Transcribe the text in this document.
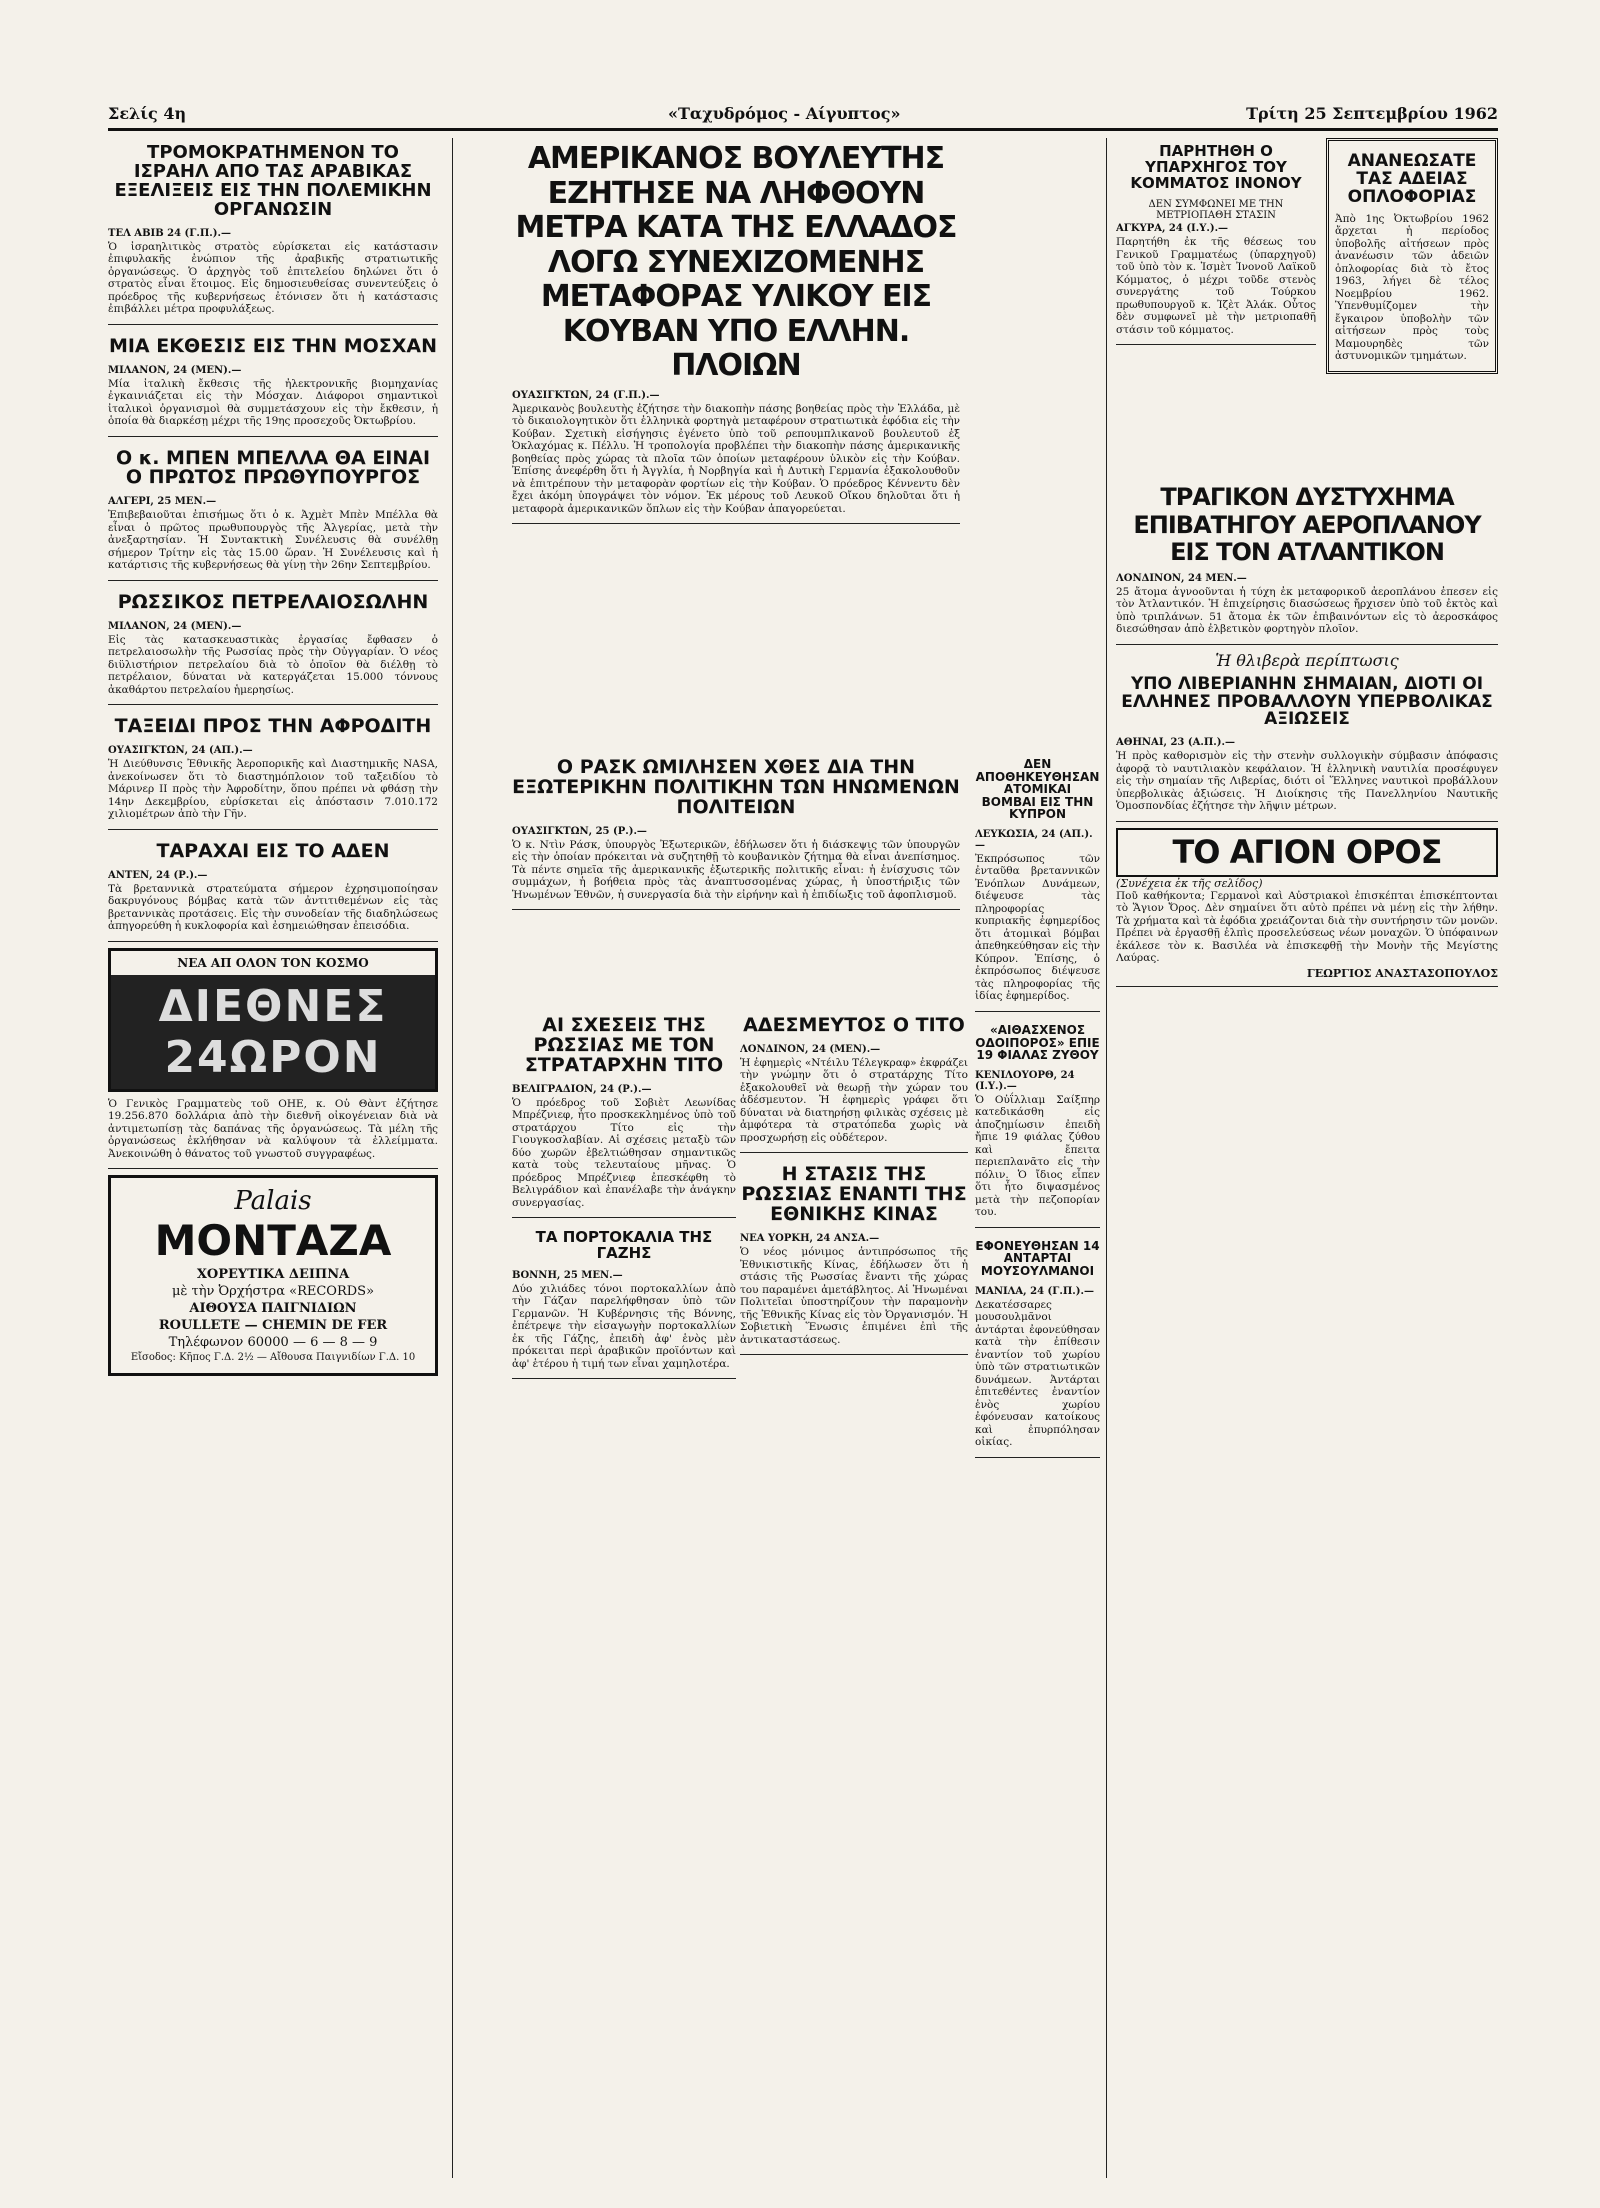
Σελίς 4η	«Ταχυδρόμος - Αίγυπτος»	Τρίτη 25 Σεπτεμβρίου 1962
ΤΡΟΜΟΚΡΑΤΗΜΕΝΟΝ ΤΟ ΙΣΡΑΗΛ ΑΠΟ ΤΑΣ ΑΡΑΒΙΚΑΣ ΕΞΕΛΙΞΕΙΣ ΕΙΣ ΤΗΝ ΠΟΛΕΜΙΚΗΝ ΟΡΓΑΝΩΣΙΝ
ΤΕΛ ΑΒΙΒ 24 (Γ.Π.).—

Ὁ ἰσραηλιτικὸς στρατὸς εὑρίσκεται εἰς κατάστασιν ἐπιφυλακῆς ἐνώπιον τῆς ἀραβικῆς στρατιωτικῆς ὀργανώσεως. Ὁ ἀρχηγὸς τοῦ ἐπιτελείου δηλώνει ὅτι ὁ στρατὸς εἶναι ἕτοιμος. Εἰς δημοσιευθείσας συνεντεύξεις ὁ πρόεδρος τῆς κυβερνήσεως ἐτόνισεν ὅτι ἡ κατάστασις ἐπιβάλλει μέτρα προφυλάξεως.

ΜΙΑ ΕΚΘΕΣΙΣ ΕΙΣ ΤΗΝ ΜΟΣΧΑΝ
ΜΙΛΑΝΟΝ, 24 (ΜΕΝ).—

Μία ἰταλικὴ ἔκθεσις τῆς ἠλεκτρονικῆς βιομηχανίας ἐγκαινιάζεται εἰς τὴν Μόσχαν. Διάφοροι σημαντικοὶ ἰταλικοὶ ὀργανισμοὶ θὰ συμμετάσχουν εἰς τὴν ἔκθεσιν, ἡ ὁποία θὰ διαρκέσῃ μέχρι τῆς 19ης προσεχοῦς Ὀκτωβρίου.

Ο κ. ΜΠΕΝ ΜΠΕΛΛΑ ΘΑ ΕΙΝΑΙ Ο ΠΡΩΤΟΣ ΠΡΩΘΥΠΟΥΡΓΟΣ
ΑΛΓΕΡΙ, 25 ΜΕΝ.—

Ἐπιβεβαιοῦται ἐπισήμως ὅτι ὁ κ. Ἀχμὲτ Μπὲν Μπέλλα θὰ εἶναι ὁ πρῶτος πρωθυπουργὸς τῆς Ἀλγερίας, μετὰ τὴν ἀνεξαρτησίαν. Ἡ Συντακτικὴ Συνέλευσις θὰ συνέλθῃ σήμερον Τρίτην εἰς τὰς 15.00 ὥραν. Ἡ Συνέλευσις καὶ ἡ κατάρτισις τῆς κυβερνήσεως θὰ γίνῃ τὴν 26ην Σεπτεμβρίου.

ΡΩΣΣΙΚΟΣ ΠΕΤΡΕΛΑΙΟΣΩΛΗΝ
ΜΙΛΑΝΟΝ, 24 (ΜΕΝ).—

Εἰς τὰς κατασκευαστικὰς ἐργασίας ἔφθασεν ὁ πετρελαιοσωλὴν τῆς Ρωσσίας πρὸς τὴν Οὐγγαρίαν. Ὁ νέος διϋλιστήριον πετρελαίου διὰ τὸ ὁποῖον θὰ διέλθῃ τὸ πετρέλαιον, δύναται νὰ κατεργάζεται 15.000 τόννους ἀκαθάρτου πετρελαίου ἡμερησίως.

ΤΑΞΕΙΔΙ ΠΡΟΣ ΤΗΝ ΑΦΡΟΔΙΤΗ
ΟΥΑΣΙΓΚΤΩΝ, 24 (ΑΠ.).—

Ἡ Διεύθυνσις Ἐθνικῆς Ἀεροπορικῆς καὶ Διαστημικῆς NASA, ἀνεκοίνωσεν ὅτι τὸ διαστημόπλοιον τοῦ ταξειδίου τὸ Μάρινερ II πρὸς τὴν Ἀφροδίτην, ὅπου πρέπει νὰ φθάσῃ τὴν 14ην Δεκεμβρίου, εὑρίσκεται εἰς ἀπόστασιν 7.010.172 χιλιομέτρων ἀπὸ τὴν Γῆν.

ΤΑΡΑΧΑΙ ΕΙΣ ΤΟ ΑΔΕΝ
ΑΝΤΕΝ, 24 (Ρ.).—

Τὰ βρεταννικὰ στρατεύματα σήμερον ἐχρησιμοποίησαν δακρυγόνους βόμβας κατὰ τῶν ἀντιτιθεμένων εἰς τὰς βρεταννικὰς προτάσεις. Εἰς τὴν συνοδείαν τῆς διαδηλώσεως ἀπηγορεύθη ἡ κυκλοφορία καὶ ἐσημειώθησαν ἐπεισόδια.

ΝΕΑ ΑΠ ΟΛΟΝ ΤΟΝ ΚΟΣΜΟ
ΔΙΕΘΝΕΣ 24ΩΡΟΝ

Ὁ Γενικὸς Γραμματεὺς τοῦ ΟΗΕ, κ. Οὐ Θὰντ ἐζήτησε 19.256.870 δολλάρια ἀπὸ τὴν διεθνῆ οἰκογένειαν διὰ νὰ ἀντιμετωπίσῃ τὰς δαπάνας τῆς ὀργανώσεως. Τὰ μέλη τῆς ὀργανώσεως ἐκλήθησαν νὰ καλύψουν τὰ ἐλλείμματα. Ἀνεκοινώθη ὁ θάνατος τοῦ γνωστοῦ συγγραφέως.

Palais ΜΟΝΤΑΖΑ
ΧΟΡΕΥΤΙΚΑ ΔΕΙΠΝΑ
μὲ τὴν Ὀρχήστρα «RECORDS»
ΑΙΘΟΥΣΑ ΠΑΙΓΝΙΔΙΩΝ
ROULLETE — CHEMIN DE FER
Τηλέφωνον 60000 — 6 — 8 — 9
Εἴσοδος: Κῆπος Γ.Δ. 2½ — Αἴθουσα Παιγνιδίων Γ.Δ. 10
ΑΜΕΡΙΚΑΝΟΣ ΒΟΥΛΕΥΤΗΣ ΕΖΗΤΗΣΕ ΝΑ ΛΗΦΘΟΥΝ ΜΕΤΡΑ ΚΑΤΑ ΤΗΣ ΕΛΛΑΔΟΣ ΛΟΓΩ ΣΥΝΕΧΙΖΟΜΕΝΗΣ ΜΕΤΑΦΟΡΑΣ ΥΛΙΚΟΥ ΕΙΣ ΚΟΥΒΑΝ ΥΠΟ ΕΛΛΗΝ. ΠΛΟΙΩΝ
ΟΥΑΣΙΓΚΤΩΝ, 24 (Γ.Π.).—

Ἀμερικανὸς βουλευτὴς ἐζήτησε τὴν διακοπὴν πάσης βοηθείας πρὸς τὴν Ἑλλάδα, μὲ τὸ δικαιολογητικὸν ὅτι ἑλληνικὰ φορτηγὰ μεταφέρουν στρατιωτικὰ ἐφόδια εἰς τὴν Κούβαν. Σχετικὴ εἰσήγησις ἐγένετο ὑπὸ τοῦ ρεπουμπλικανοῦ βουλευτοῦ ἐξ Ὀκλαχόμας κ. Πέλλυ. Ἡ τροπολογία προβλέπει τὴν διακοπὴν πάσης ἀμερικανικῆς βοηθείας πρὸς χώρας τὰ πλοῖα τῶν ὁποίων μεταφέρουν ὑλικὸν εἰς τὴν Κούβαν. Ἐπίσης ἀνεφέρθη ὅτι ἡ Ἀγγλία, ἡ Νορβηγία καὶ ἡ Δυτικὴ Γερμανία ἐξακολουθοῦν νὰ ἐπιτρέπουν τὴν μεταφορὰν φορτίων εἰς τὴν Κούβαν. Ὁ πρόεδρος Κέννεντυ δὲν ἔχει ἀκόμη ὑπογράψει τὸν νόμον. Ἐκ μέρους τοῦ Λευκοῦ Οἴκου δηλοῦται ὅτι ἡ μεταφορὰ ἀμερικανικῶν ὅπλων εἰς τὴν Κούβαν ἀπαγορεύεται.

Ο ΡΑΣΚ ΩΜΙΛΗΣΕΝ ΧΘΕΣ ΔΙΑ ΤΗΝ ΕΞΩΤΕΡΙΚΗΝ ΠΟΛΙΤΙΚΗΝ ΤΩΝ ΗΝΩΜΕΝΩΝ ΠΟΛΙΤΕΙΩΝ
ΟΥΑΣΙΓΚΤΩΝ, 25 (Ρ.).—

Ὁ κ. Ντὶν Ράσκ, ὑπουργὸς Ἐξωτερικῶν, ἐδήλωσεν ὅτι ἡ διάσκεψις τῶν ὑπουργῶν εἰς τὴν ὁποίαν πρόκειται νὰ συζητηθῇ τὸ κουβανικὸν ζήτημα θὰ εἶναι ἀνεπίσημος. Τὰ πέντε σημεῖα τῆς ἀμερικανικῆς ἐξωτερικῆς πολιτικῆς εἶναι: ἡ ἐνίσχυσις τῶν συμμάχων, ἡ βοήθεια πρὸς τὰς ἀναπτυσσομένας χώρας, ἡ ὑποστήριξις τῶν Ἡνωμένων Ἐθνῶν, ἡ συνεργασία διὰ τὴν εἰρήνην καὶ ἡ ἐπιδίωξις τοῦ ἀφοπλισμοῦ.

ΑΙ ΣΧΕΣΕΙΣ ΤΗΣ ΡΩΣΣΙΑΣ ΜΕ ΤΟΝ ΣΤΡΑΤΑΡΧΗΝ ΤΙΤΟ
ΒΕΛΙΓΡΑΔΙΟΝ, 24 (Ρ.).—

Ὁ πρόεδρος τοῦ Σοβιὲτ Λεωνίδας Μπρέζνιεφ, ἦτο προσκεκλημένος ὑπὸ τοῦ στρατάρχου Τίτο εἰς τὴν Γιουγκοσλαβίαν. Αἱ σχέσεις μεταξὺ τῶν δύο χωρῶν ἐβελτιώθησαν σημαντικῶς κατὰ τοὺς τελευταίους μῆνας. Ὁ πρόεδρος Μπρέζνιεφ ἐπεσκέφθη τὸ Βελιγράδιον καὶ ἐπανέλαβε τὴν ἀνάγκην συνεργασίας.

ΤΑ ΠΟΡΤΟΚΑΛΙΑ ΤΗΣ ΓΑΖΗΣ
ΒΟΝΝΗ, 25 ΜΕΝ.—

Δύο χιλιάδες τόνοι πορτοκαλλίων ἀπὸ τὴν Γάζαν παρελήφθησαν ὑπὸ τῶν Γερμανῶν. Ἡ Κυβέρνησις τῆς Βόννης, ἐπέτρεψε τὴν εἰσαγωγὴν πορτοκαλλίων ἐκ τῆς Γάζης, ἐπειδὴ ἀφ' ἑνὸς μὲν πρόκειται περὶ ἀραβικῶν προϊόντων καὶ ἀφ' ἑτέρου ἡ τιμή των εἶναι χαμηλοτέρα.

ΑΔΕΣΜΕΥΤΟΣ Ο ΤΙΤΟ
ΛΟΝΔΙΝΟΝ, 24 (ΜΕΝ).—

Ἡ ἐφημερὶς «Ντέιλυ Τέλεγκραφ» ἐκφράζει τὴν γνώμην ὅτι ὁ στρατάρχης Τίτο ἐξακολουθεῖ νὰ θεωρῇ τὴν χώραν του ἀδέσμευτον. Ἡ ἐφημερὶς γράφει ὅτι δύναται νὰ διατηρήσῃ φιλικὰς σχέσεις μὲ ἀμφότερα τὰ στρατόπεδα χωρὶς νὰ προσχωρήσῃ εἰς οὐδέτερον.

Η ΣΤΑΣΙΣ ΤΗΣ ΡΩΣΣΙΑΣ ΕΝΑΝΤΙ ΤΗΣ ΕΘΝΙΚΗΣ ΚΙΝΑΣ
ΝΕΑ ΥΟΡΚΗ, 24 ΑΝΣΑ.—

Ὁ νέος μόνιμος ἀντιπρόσωπος τῆς Ἐθνικιστικῆς Κίνας, ἐδήλωσεν ὅτι ἡ στάσις τῆς Ρωσσίας ἔναντι τῆς χώρας του παραμένει ἀμετάβλητος. Αἱ Ἡνωμέναι Πολιτεῖαι ὑποστηρίζουν τὴν παραμονὴν τῆς Ἐθνικῆς Κίνας εἰς τὸν Ὀργανισμόν. Ἡ Σοβιετικὴ Ἕνωσις ἐπιμένει ἐπὶ τῆς ἀντικαταστάσεως.

ΔΕΝ ΑΠΟΘΗΚΕΥΘΗΣΑΝ ΑΤΟΜΙΚΑΙ ΒΟΜΒΑΙ ΕΙΣ ΤΗΝ ΚΥΠΡΟΝ
ΛΕΥΚΩΣΙΑ, 24 (ΑΠ.).—

Ἐκπρόσωπος τῶν ἐνταῦθα βρεταννικῶν Ἐνόπλων Δυνάμεων, διέψευσε τὰς πληροφορίας κυπριακῆς ἐφημερίδος ὅτι ἀτομικαὶ βόμβαι ἀπεθηκεύθησαν εἰς τὴν Κύπρον. Ἐπίσης, ὁ ἐκπρόσωπος διέψευσε τὰς πληροφορίας τῆς ἰδίας ἐφημερίδος.

«ΑΙΘΑΣΧΕΝΟΣ ΟΔΟΙΠΟΡΟΣ» ΕΠΙΕ 19 ΦΙΑΛΑΣ ΖΥΘΟΥ
ΚΕΝΙΛΟΥΟΡΘ, 24 (Ι.Υ.).—

Ὁ Οὐΐλλιαμ Σαίξπηρ κατεδικάσθη εἰς ἀποζημίωσιν ἐπειδὴ ἤπιε 19 φιάλας ζύθου καὶ ἔπειτα περιεπλανᾶτο εἰς τὴν πόλιν. Ὁ ἴδιος εἶπεν ὅτι ἦτο διψασμένος μετὰ τὴν πεζοπορίαν του.

ΕΦΟΝΕΥΘΗΣΑΝ 14 ΑΝΤΑΡΤΑΙ ΜΟΥΣΟΥΛΜΑΝΟΙ
ΜΑΝΙΛΑ, 24 (Γ.Π.).—

Δεκατέσσαρες μουσουλμᾶνοι ἀντάρται ἐφονεύθησαν κατὰ τὴν ἐπίθεσιν ἐναντίον τοῦ χωρίου ὑπὸ τῶν στρατιωτικῶν δυνάμεων. Ἀντάρται ἐπιτεθέντες ἐναντίον ἑνὸς χωρίου ἐφόνευσαν κατοίκους καὶ ἐπυρπόλησαν οἰκίας.

ΠΑΡΗΤΗΘΗ Ο ΥΠΑΡΧΗΓΟΣ ΤΟΥ ΚΟΜΜΑΤΟΣ ΙΝΟΝΟΥ
ΔΕΝ ΣΥΜΦΩΝΕΙ ΜΕ ΤΗΝ ΜΕΤΡΙΟΠΑΘΗ ΣΤΑΣΙΝ
ΑΓΚΥΡΑ, 24 (Ι.Υ.).—

Παρητήθη ἐκ τῆς θέσεως του Γενικοῦ Γραμματέως (ὑπαρχηγοῦ) τοῦ ὑπὸ τὸν κ. Ἰσμὲτ Ἰνονοῦ Λαϊκοῦ Κόμματος, ὁ μέχρι τοῦδε στενὸς συνεργάτης τοῦ Τούρκου πρωθυπουργοῦ κ. Ἰζὲτ Ἀλάκ. Οὗτος δὲν συμφωνεῖ μὲ τὴν μετριοπαθῆ στάσιν τοῦ κόμματος.

ΑΝΑΝΕΩΣΑΤΕ ΤΑΣ ΑΔΕΙΑΣ ΟΠΛΟΦΟΡΙΑΣ

Ἀπὸ 1ης Ὀκτωβρίου 1962 ἄρχεται ἡ περίοδος ὑποβολῆς αἰτήσεων πρὸς ἀνανέωσιν τῶν ἀδειῶν ὁπλοφορίας διὰ τὸ ἔτος 1963, λήγει δὲ τέλος Νοεμβρίου 1962. Ὑπενθυμίζομεν τὴν ἔγκαιρον ὑποβολὴν τῶν αἰτήσεων πρὸς τοὺς Μαμουρηδὲς τῶν ἀστυνομικῶν τμημάτων.

ΤΡΑΓΙΚΟΝ ΔΥΣΤΥΧΗΜΑ ΕΠΙΒΑΤΗΓΟΥ ΑΕΡΟΠΛΑΝΟΥ ΕΙΣ ΤΟΝ ΑΤΛΑΝΤΙΚΟΝ
ΛΟΝΔΙΝΟΝ, 24 ΜΕΝ.—

25 ἄτομα ἀγνοοῦνται ἡ τύχη ἐκ μεταφορικοῦ ἀεροπλάνου ἐπεσεν εἰς τὸν Ἀτλαντικόν. Ἡ ἐπιχείρησις διασώσεως ἤρχισεν ὑπὸ τοῦ ἐκτὸς καὶ ὑπὸ τριπλάνων. 51 ἄτομα ἐκ τῶν ἐπιβαινόντων εἰς τὸ ἀεροσκάφος διεσώθησαν ἀπὸ ἐλβετικὸν φορτηγὸν πλοῖον.

Ἡ θλιβερὰ περίπτωσις
ΥΠΟ ΛΙΒΕΡΙΑΝΗΝ ΣΗΜΑΙΑΝ, ΔΙΟΤΙ ΟΙ ΕΛΛΗΝΕΣ ΠΡΟΒΑΛΛΟΥΝ ΥΠΕΡΒΟΛΙΚΑΣ ΑΞΙΩΣΕΙΣ
ΑΘΗΝΑΙ, 23 (Α.Π.).—

Ἡ πρὸς καθορισμὸν εἰς τὴν στενὴν συλλογικὴν σύμβασιν ἀπόφασις ἀφορᾷ τὸ ναυτιλιακὸν κεφάλαιον. Ἡ ἑλληνικὴ ναυτιλία προσέφυγεν εἰς τὴν σημαίαν τῆς Λιβερίας, διότι οἱ Ἕλληνες ναυτικοὶ προβάλλουν ὑπερβολικὰς ἀξιώσεις. Ἡ Διοίκησις τῆς Πανελληνίου Ναυτικῆς Ὁμοσπονδίας ἐζήτησε τὴν λῆψιν μέτρων.

ΤΟ ΑΓΙΟΝ ΟΡΟΣ
(Συνέχεια ἐκ τῆς σελίδος)

Ποῦ καθήκοντα; Γερμανοὶ καὶ Αὐστριακοὶ ἐπισκέπται ἐπισκέπτονται τὸ Ἅγιον Ὄρος. Δὲν σημαίνει ὅτι αὐτὸ πρέπει νὰ μένῃ εἰς τὴν λήθην. Τὰ χρήματα καὶ τὰ ἐφόδια χρειάζονται διὰ τὴν συντήρησιν τῶν μονῶν. Πρέπει νὰ ἐργασθῇ ἐλπὶς προσελεύσεως νέων μοναχῶν. Ὁ ὑπόφαινων ἐκάλεσε τὸν κ. Βασιλέα νὰ ἐπισκεφθῇ τὴν Μονὴν τῆς Μεγίστης Λαύρας.

ΓΕΩΡΓΙΟΣ ΑΝΑΣΤΑΣΟΠΟΥΛΟΣ
